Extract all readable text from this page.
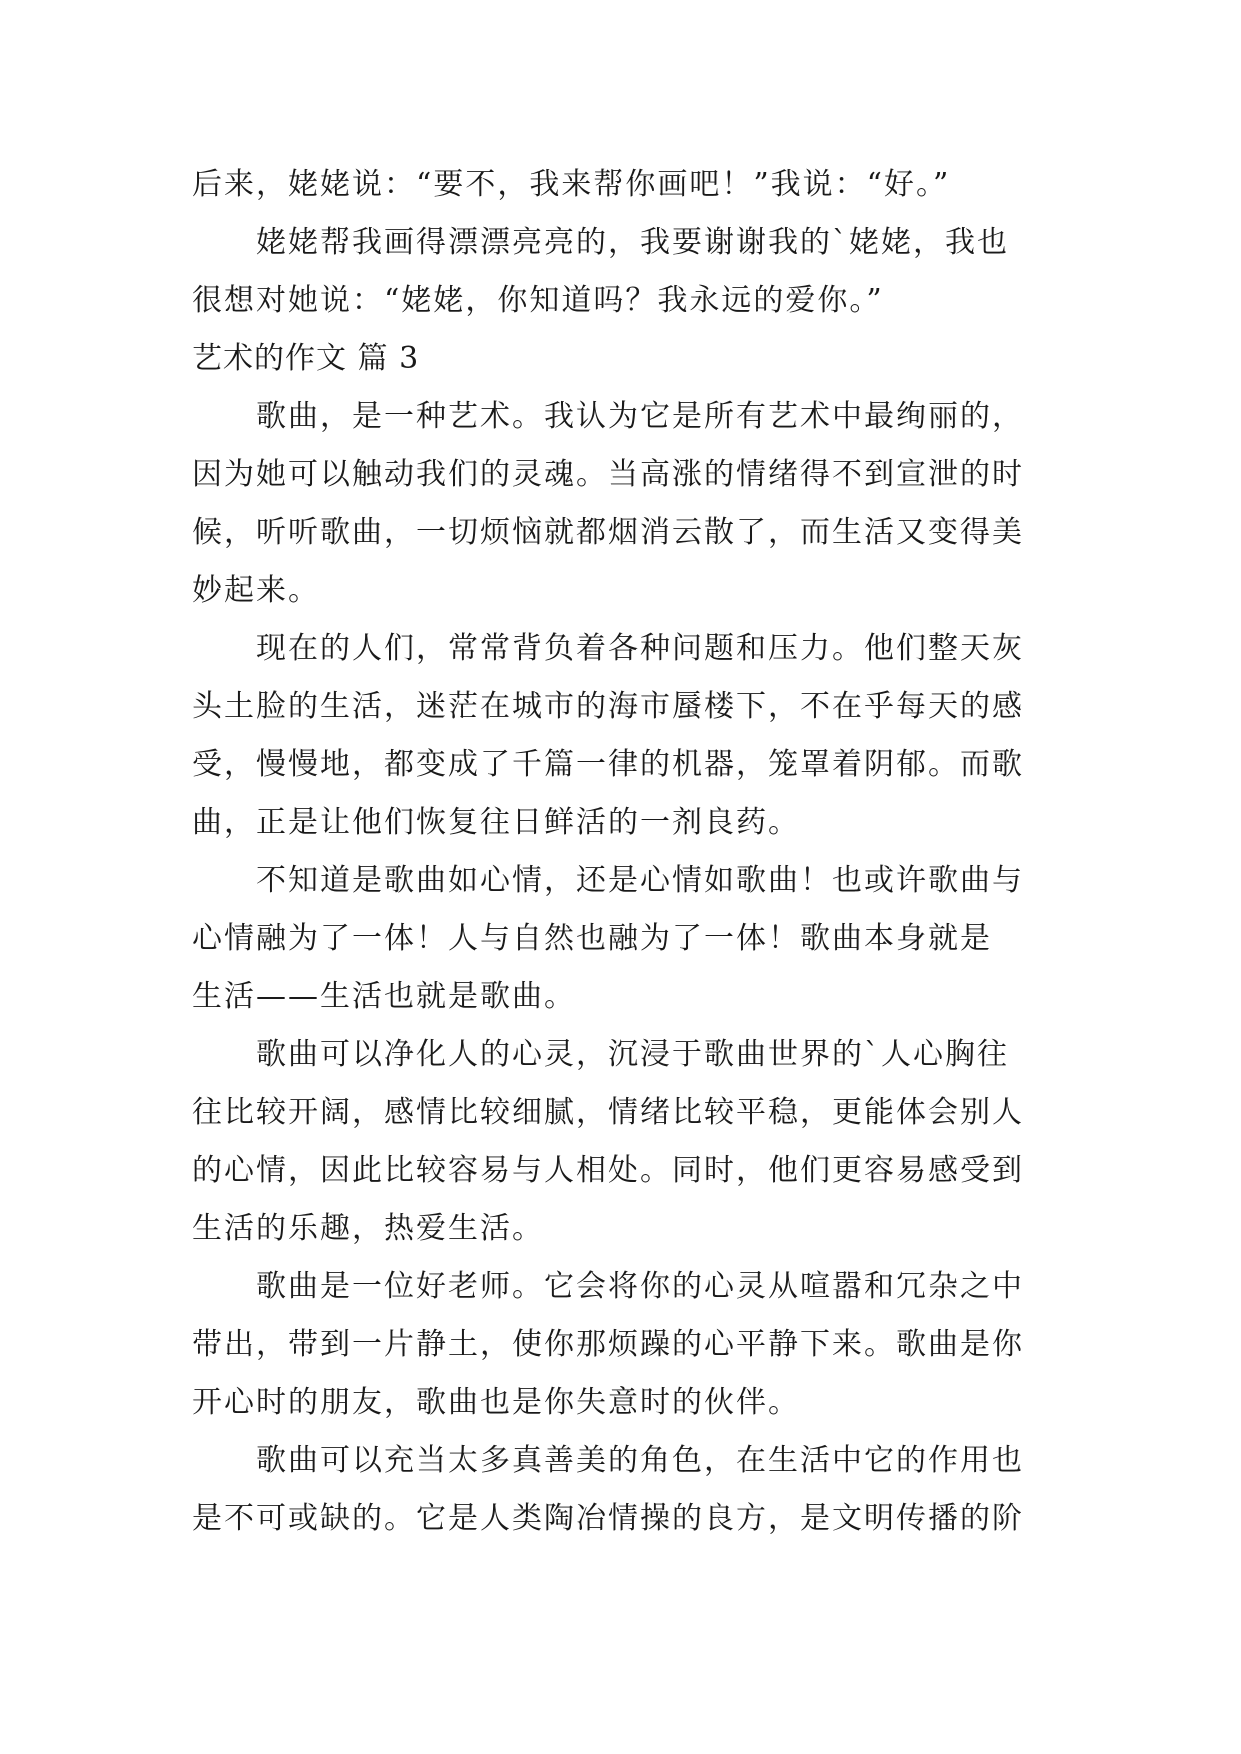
后来，姥姥说：“要不，我来帮你画吧！”我说：“好。”
　　姥姥帮我画得漂漂亮亮的，我要谢谢我的`姥姥，我也
很想对她说：“姥姥，你知道吗？我永远的爱你。”
艺术的作文 篇 3
　　歌曲，是一种艺术。我认为它是所有艺术中最绚丽的，
因为她可以触动我们的灵魂。当高涨的情绪得不到宣泄的时
候，听听歌曲，一切烦恼就都烟消云散了，而生活又变得美
妙起来。
　　现在的人们，常常背负着各种问题和压力。他们整天灰
头土脸的生活，迷茫在城市的海市蜃楼下，不在乎每天的感
受，慢慢地，都变成了千篇一律的机器，笼罩着阴郁。而歌
曲，正是让他们恢复往日鲜活的一剂良药。
　　不知道是歌曲如心情，还是心情如歌曲！也或许歌曲与
心情融为了一体！人与自然也融为了一体！歌曲本身就是
生活——生活也就是歌曲。
　　歌曲可以净化人的心灵，沉浸于歌曲世界的`人心胸往
往比较开阔，感情比较细腻，情绪比较平稳，更能体会别人
的心情，因此比较容易与人相处。同时，他们更容易感受到
生活的乐趣，热爱生活。
　　歌曲是一位好老师。它会将你的心灵从喧嚣和冗杂之中
带出，带到一片静土，使你那烦躁的心平静下来。歌曲是你
开心时的朋友，歌曲也是你失意时的伙伴。
　　歌曲可以充当太多真善美的角色，在生活中它的作用也
是不可或缺的。它是人类陶冶情操的良方，是文明传播的阶
